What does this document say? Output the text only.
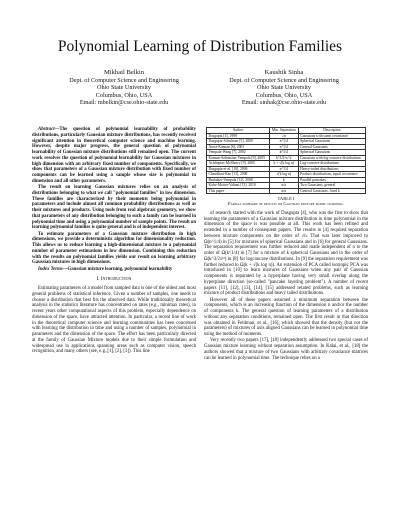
Polynomial Learning of Distribution Families
Mikhail Belkin
Dept. of Computer Science and Engineering
Ohio State University
Columbus, Ohio, USA
Email: mbelkin@cse.ohio-state.edu
Kaushik Sinha
Dept. of Computer Science and Engineering
Ohio State University
Columbus, Ohio, USA
Email: sinhak@cse.ohio-state.edu

Abstract—The question of polynomial learnability of probability distributions, particularly Gaussian mixture distributions, has recently received significant attention in theoretical computer science and machine learning. However, despite major progress, the general question of polynomial learnability of Gaussian mixture distributions still remained open. The current work resolves the question of polynomial learnability for Gaussian mixtures in high dimension with an arbitrary fixed number of components. Specifically, we show that parameters of a Gaussian mixture distribution with fixed number of components can be learned using a sample whose size is polynomial in dimension and all other parameters.

The result on learning Gaussian mixtures relies on an analysis of distributions belonging to what we call "polynomial families" in low dimension. These families are characterized by their moments being polynomial in parameters and include almost all common probability distributions as well as their mixtures and products. Using tools from real algebraic geometry, we show that parameters of any distribution belonging to such a family can be learned in polynomial time and using a polynomial number of sample points. The result on learning polynomial families is quite general and is of independent interest.

To estimate parameters of a Gaussian mixture distribution in high dimensions, we provide a deterministic algorithm for dimensionality reduction. This allows us to reduce learning a high-dimensional mixture to a polynomial number of parameter estimations in low dimension. Combining this reduction with the results on polynomial families yields our result on learning arbitrary Gaussian mixtures in high dimensions.

Index Terms—Gaussian mixture learning, polynomial learnability

I. Introduction

Estimating parameters of a model from sampled data is one of the oldest and most general problems of statistical inference. Given a number of samples, one needs to choose a distribution that best fits the observed data. While traditionally theoretical analysis in the statistics literature has concentrated on rates (e.g., minimax rates), in recent years other computational aspects of this problem, especially dependence on dimension of the space, have attracted attention. In particular, a recent line of work in the theoretical computer science and learning communities has been concerned with learning the distribution in time and using a number of samples, polynomial in parameters and the dimension of the space. The effort has been particularly directed at the family of Gaussian Mixture models due to their simple formulation and widespread use in applications spanning areas such as computer vision, speech recognition, and many others (see, e.g.,[1], [2], [3]). This line

Author	Min. Separation	Description
Dasgupta [4], 1999	√n	Gaussians with same covariance
Dasgupta-Schulman [5], 2000	n^1/4	Spherical Gaussians
Arora-Kannan [6], 2001	n^1/4	General Gaussians
Vempala-Wang [7], 2002	k^1/4	Spherical Gaussians
Kannan-Salmasian-Vempala [8], 2005	k^3/2/w^2	Gaussians with log-concave distributions
Achlioptas-McSherry [9], 2005	k + √(k log n)	Log-concave distributions
Dasgupta-et-al. [10], 2006	n^1/4	Heavy-tailed distributions
Chaudhuri-Rao [11], 2008	√(k log n)	Product distributions, equal covariance
Brubaker-Vempala [12], 2008	k	Parallel pancakes
Kalai-Moitra-Valiant [13], 2010	n/a	Two Gaussians, general
This paper	n/a	General Gaussians, fixed k
TABLE I
Partial summary of results on Gaussian mixture model learning.

of research started with the work of Dasgupta [4], who was the first to show that learning the parameters of a Gaussian mixture distribution in time polynomial in the dimension of the space is was possible at all. This work has been refined and extended in a number of consequent papers. The results in [4] required separation between mixture components on the order of √n. That was later improved to Ω(n^1/4) in [5] for mixtures of spherical Gaussians and in [6] for general Gaussians. The separation requirement was further reduced and made independent of n to the order of Ω(k^1/4) in [7] for a mixture of k spherical Gaussians and to the order of Ω(k^3/2/ε²) in [8] for logconcave distributions. In [9] the separation requirement was further reduced to Ω(k + √(k log n)). An extension of PCA called isotropic PCA was introduced in [10] to learn mixtures of Gaussians when any pair of Gaussian components is separated by a hyperplane having very small overlap along the hyperplane direction (so-called "pancake layering problem"). A number of recent papers [11], [12], [13], [14], [15] addressed related problems, such as learning mixture of product distributions and heavy tailed distributions.

However all of these papers assumed a minimum separation between the components, which is an increasing function of the dimension n and/or the number of components k. The general question of learning parameters of a distribution without any separation conditions, remained open. The first result in that direction was obtained in Feldman, et al., [16], which showed that the density (but not the parameters) of mixtures of axis aligned Gaussians can be learned in polynomial time using the method of moments.

Very recently two papers [17], [18] independently addressed two special cases of Gaussian mixture learning without separation assumption. In Kalai, et al., [18] the authors showed that a mixture of two Gaussians with arbitrary covariance matrices can be learned in polynomial time. The technique relies on a
